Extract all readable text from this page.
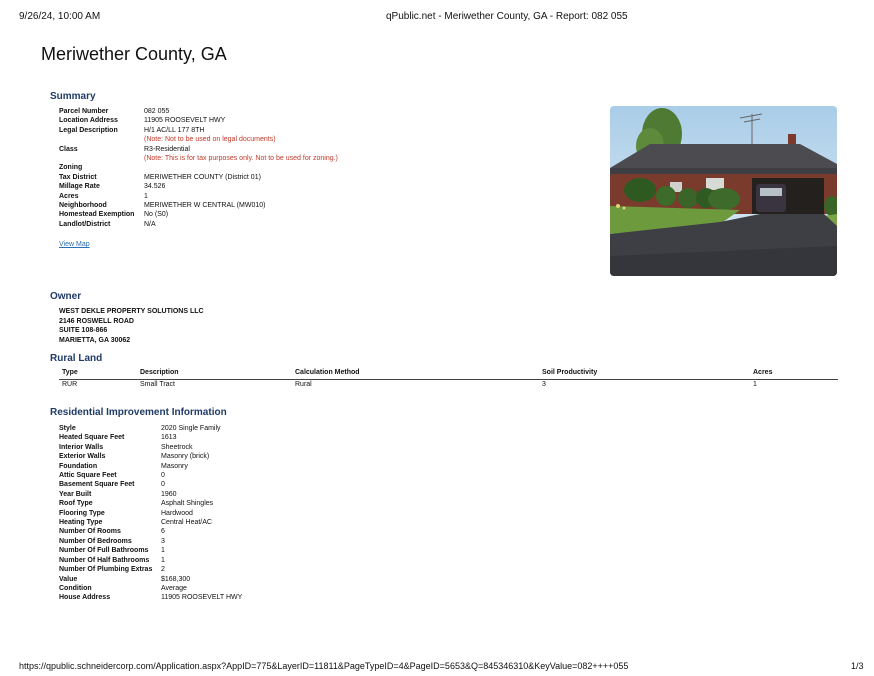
9/26/24, 10:00 AM	qPublic.net - Meriwether County, GA - Report: 082 055
Meriwether County, GA
Summary
Parcel Number	082 055
Location Address	11905 ROOSEVELT HWY
Legal Description	H/1 AC/LL 177 8TH
(Note: Not to be used on legal documents)
Class	R3-Residential
(Note: This is for tax purposes only. Not to be used for zoning.)
Zoning
Tax District	MERIWETHER COUNTY (District 01)
Millage Rate	34.526
Acres	1
Neighborhood	MERIWETHER W CENTRAL (MW010)
Homestead Exemption	No (S0)
Landlot/District	N/A
View Map
Owner
WEST DEKLE PROPERTY SOLUTIONS LLC
2146 ROSWELL ROAD
SUITE 108-866
MARIETTA, GA 30062
Rural Land
Type	Description	Calculation Method	Soil Productivity	Acres
RUR	Small Tract	Rural	3	1
Residential Improvement Information
Style	2020 Single Family
Heated Square Feet	1613
Interior Walls	Sheetrock
Exterior Walls	Masonry (brick)
Foundation	Masonry
Attic Square Feet	0
Basement Square Feet	0
Year Built	1960
Roof Type	Asphalt Shingles
Flooring Type	Hardwood
Heating Type	Central Heat/AC
Number Of Rooms	6
Number Of Bedrooms	3
Number Of Full Bathrooms	1
Number Of Half Bathrooms	1
Number Of Plumbing Extras	2
Value	$168,300
Condition	Average
House Address	11905 ROOSEVELT HWY
https://qpublic.schneidercorp.com/Application.aspx?AppID=775&LayerID=11811&PageTypeID=4&PageID=5653&Q=845346310&KeyValue=082++++055	1/3
